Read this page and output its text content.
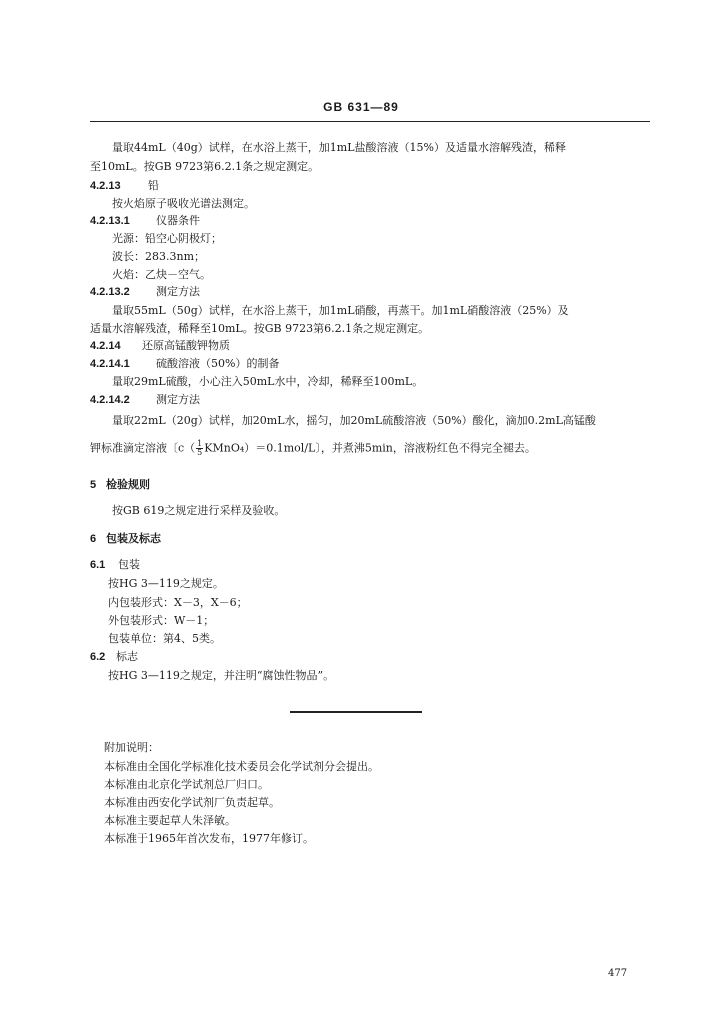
GB 631—89
量取44mL（40g）试样，在水浴上蒸干，加1mL盐酸溶液（15%）及适量水溶解残渣，稀释
至10mL。按GB 9723第6.2.1条之规定测定。
4.2.13 铅
按火焰原子吸收光谱法测定。
4.2.13.1 仪器条件
光源：铅空心阴极灯；
波长：283.3nm；
火焰：乙炔－空气。
4.2.13.2 测定方法
量取55mL（50g）试样，在水浴上蒸干，加1mL硝酸，再蒸干。加1mL硝酸溶液（25%）及
适量水溶解残渣，稀释至10mL。按GB 9723第6.2.1条之规定测定。
4.2.14 还原高锰酸钾物质
4.2.14.1 硫酸溶液（50%）的制备
量取29mL硫酸，小心注入50mL水中，冷却，稀释至100mL。
4.2.14.2 测定方法
量取22mL（20g）试样，加20mL水，摇匀，加20mL硫酸溶液（50%）酸化，滴加0.2mL高锰酸
钾标准滴定溶液〔$c( \frac{1}{5}$ KMnO₄）＝0.1mol/L〕，并煮沸5min，溶液粉红色不得完全褪去。
5 检验规则
按GB 619之规定进行采样及验收。
6 包装及标志
6.1 包装
按HG 3—119之规定。
内包装形式：X－3，X－6；
外包装形式：W－1；
包装单位：第4、5类。
6.2 标志
按HG 3—119之规定，并注明“腐蚀性物品”。
附加说明：
本标准由全国化学标准化技术委员会化学试剂分会提出。
本标准由北京化学试剂总厂归口。
本标准由西安化学试剂厂负责起草。
本标准主要起草人朱泽敏。
本标准于1965年首次发布，1977年修订。
477
